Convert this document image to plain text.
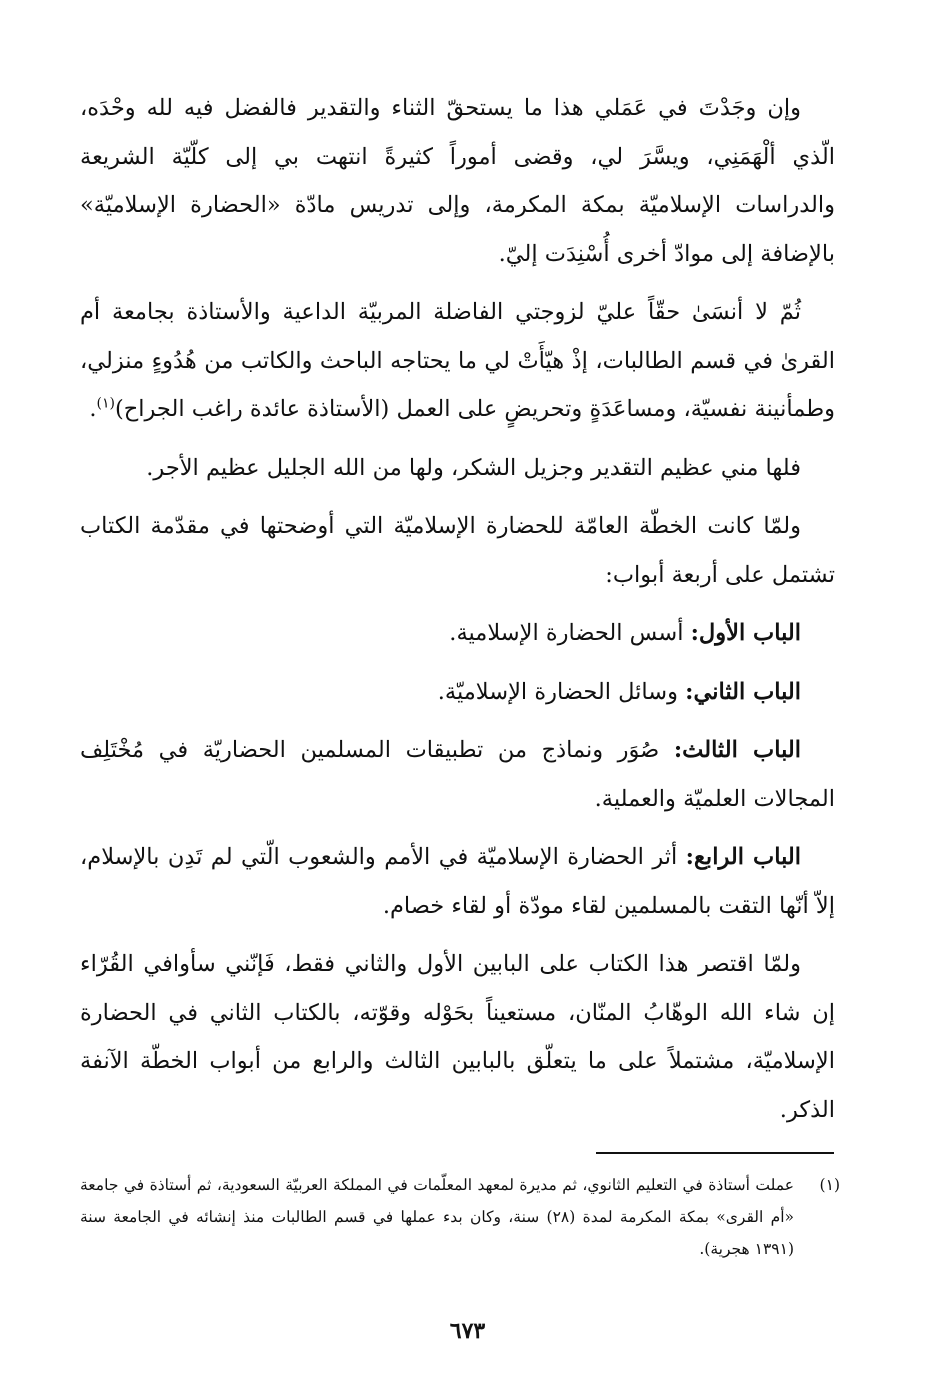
وإن وجَدْتَ في عَمَلي هذا ما يستحقّ الثناء والتقدير فالفضل فيه لله وحْدَه، الّذي ألْهَمَنِي، ويسَّرَ لي، وقضى أموراً كثيرةً انتهت بي إلى كلّيّة الشريعة والدراسات الإسلاميّة بمكة المكرمة، وإلى تدريس مادّة «الحضارة الإسلاميّة» بالإضافة إلى موادّ أخرى أُسْنِدَت إليّ.

ثُمّ لا أنسَىٰ حقّاً عليّ لزوجتي الفاضلة المربيّة الداعية والأستاذة بجامعة أم القرىٰ في قسم الطالبات، إذْ هيّأَتْ لي ما يحتاجه الباحث والكاتب من هُدُوءٍ منزلي، وطمأنينة نفسيّة، ومساعَدَةٍ وتحريضٍ على العمل (الأستاذة عائدة راغب الجراح)$^{(١)}$.

فلها مني عظيم التقدير وجزيل الشكر، ولها من الله الجليل عظيم الأجر.

ولمّا كانت الخطّة العامّة للحضارة الإسلاميّة التي أوضحتها في مقدّمة الكتاب تشتمل على أربعة أبواب:

الباب الأول: أسس الحضارة الإسلامية.

الباب الثاني: وسائل الحضارة الإسلاميّة.

الباب الثالث: صُوَر ونماذج من تطبيقات المسلمين الحضاريّة في مُخْتَلِف المجالات العلميّة والعملية.

الباب الرابع: أثر الحضارة الإسلاميّة في الأمم والشعوب الّتي لم تَدِن بالإسلام، إلاّ أنّها التقت بالمسلمين لقاء مودّة أو لقاء خصام.

ولمّا اقتصر هذا الكتاب على البابين الأول والثاني فقط، فَإنّني سأوافي القُرّاء إن شاء الله الوهّابُ المنّان، مستعيناً بحَوْله وقوّته، بالكتاب الثاني في الحضارة الإسلاميّة، مشتملاً على ما يتعلّق بالبابين الثالث والرابع من أبواب الخطّة الآنفة الذكر.

(١)
عملت أستاذة في التعليم الثانوي، ثم مديرة لمعهد المعلّمات في المملكة العربيّة السعودية، ثم أستاذة في جامعة «أم القرى» بمكة المكرمة لمدة (٢٨) سنة، وكان بدء عملها في قسم الطالبات منذ إنشائه في الجامعة سنة (١٣٩١ هجرية).
٦٧٣
